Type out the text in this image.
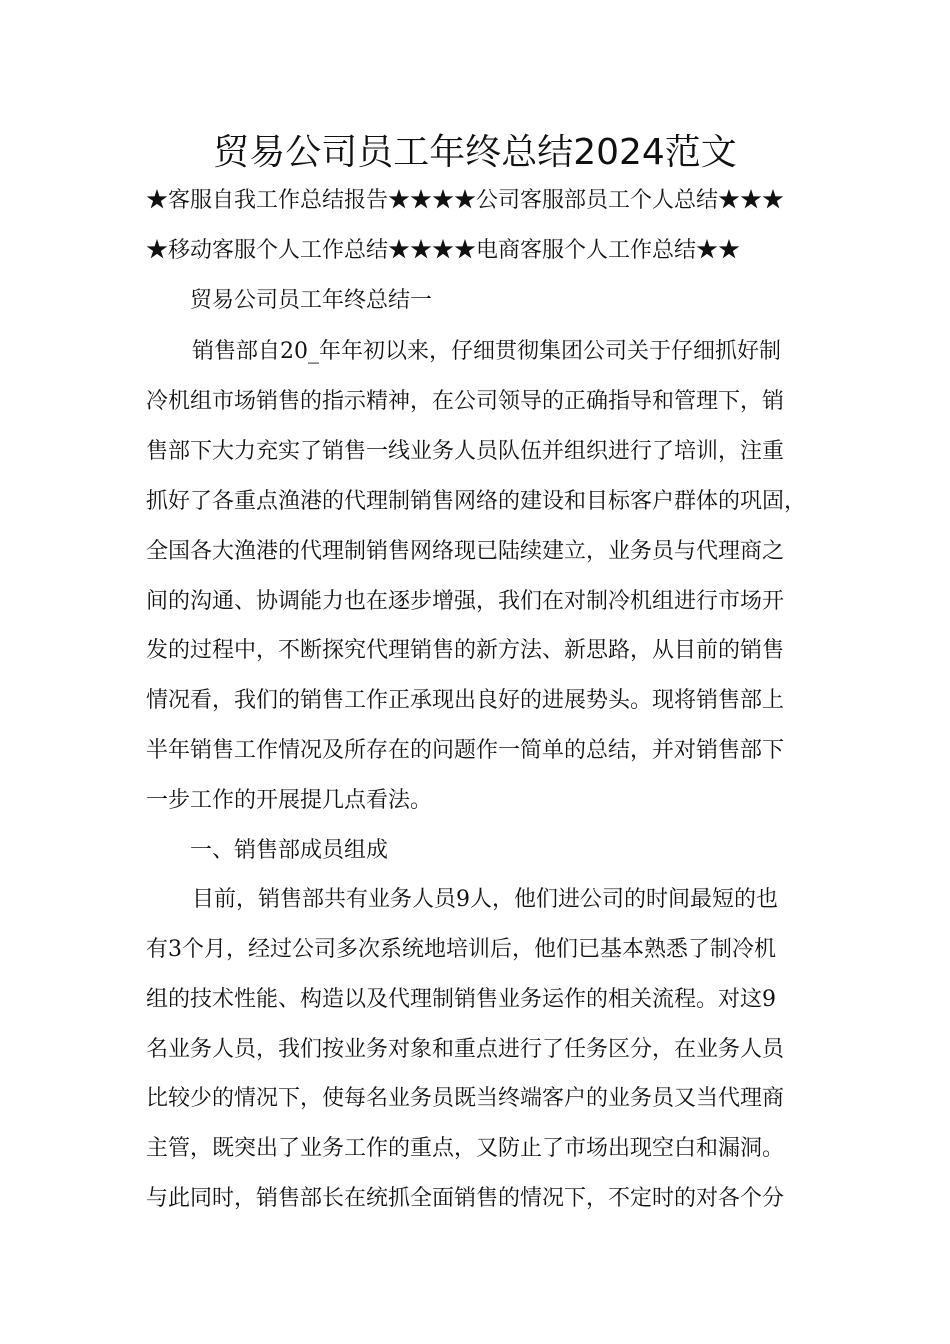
贸易公司员工年终总结2024范文
★客服自我工作总结报告★★★★公司客服部员工个人总结★★★
★移动客服个人工作总结★★★★电商客服个人工作总结★★
贸易公司员工年终总结一
销售部自20_年年初以来，仔细贯彻集团公司关于仔细抓好制
冷机组市场销售的指示精神，在公司领导的正确指导和管理下，销
售部下大力充实了销售一线业务人员队伍并组织进行了培训，注重
抓好了各重点渔港的代理制销售网络的建设和目标客户群体的巩固，
全国各大渔港的代理制销售网络现已陆续建立，业务员与代理商之
间的沟通、协调能力也在逐步增强，我们在对制冷机组进行市场开
发的过程中，不断探究代理销售的新方法、新思路，从目前的销售
情况看，我们的销售工作正承现出良好的进展势头。现将销售部上
半年销售工作情况及所存在的问题作一简单的总结，并对销售部下
一步工作的开展提几点看法。
一、销售部成员组成
目前，销售部共有业务人员9人，他们进公司的时间最短的也
有3个月，经过公司多次系统地培训后，他们已基本熟悉了制冷机
组的技术性能、构造以及代理制销售业务运作的相关流程。对这9
名业务人员，我们按业务对象和重点进行了任务区分，在业务人员
比较少的情况下，使每名业务员既当终端客户的业务员又当代理商
主管，既突出了业务工作的重点，又防止了市场出现空白和漏洞。
与此同时，销售部长在统抓全面销售的情况下，不定时的对各个分
